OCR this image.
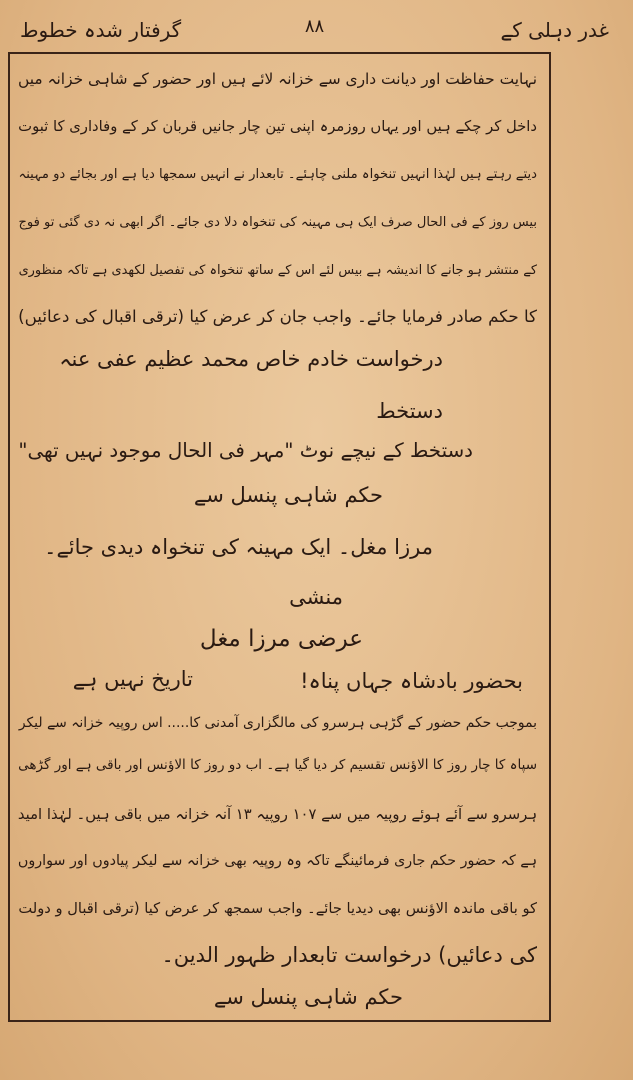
غدر دہلی کے
۸۸
گرفتار شدہ خطوط
نہایت حفاظت اور دیانت داری سے خزانہ لائے ہیں اور حضور کے شاہی خزانہ میں
داخل کر چکے ہیں اور یہاں روزمرہ اپنی تین چار جانیں قربان کر کے وفاداری کا ثبوت
دیتے رہتے ہیں لہٰذا انہیں تنخواہ ملنی چاہئے۔ تابعدار نے انہیں سمجھا دیا ہے اور بجائے دو مہینہ
بیس روز کے فی الحال صرف ایک ہی مہینہ کی تنخواہ دلا دی جائے۔ اگر ابھی نہ دی گئی تو فوج
کے منتشر ہو جانے کا اندیشہ ہے بیس لئے اس کے ساتھ تنخواہ کی تفصیل لکھدی ہے تاکہ منظوری
کا حکم صادر فرمایا جائے۔ واجب جان کر عرض کیا (ترقی اقبال کی دعائیں)
درخواست خادم خاص محمد عظیم عفی عنہ
دستخط
دستخط کے نیچے نوٹ "مہر فی الحال موجود نہیں تھی"
حکم شاہی پنسل سے
مرزا مغل۔ ایک مہینہ کی تنخواہ دیدی جائے۔
منشی
عرضی مرزا مغل
بحضور بادشاہ جہاں پناہ!
تاریخ نہیں ہے
بموجب حکم حضور کے گڑہی ہرسرو کی مالگزاری آمدنی کا..... اس روپیہ خزانہ سے لیکر
سپاہ کا چار روز کا الاؤنس تقسیم کر دیا گیا ہے۔ اب دو روز کا الاؤنس اور باقی ہے اور گڑھی
ہرسرو سے آئے ہوئے روپیہ میں سے ۱۰۷ روپیہ ۱۳ آنہ خزانہ میں باقی ہیں۔ لہٰذا امید
ہے کہ حضور حکم جاری فرمائینگے تاکہ وہ روپیہ بھی خزانہ سے لیکر پیادوں اور سواروں
کو باقی ماندہ الاؤنس بھی دیدیا جائے۔ واجب سمجھ کر عرض کیا (ترقی اقبال و دولت
کی دعائیں) درخواست تابعدار ظہور الدین۔
حکم شاہی پنسل سے
